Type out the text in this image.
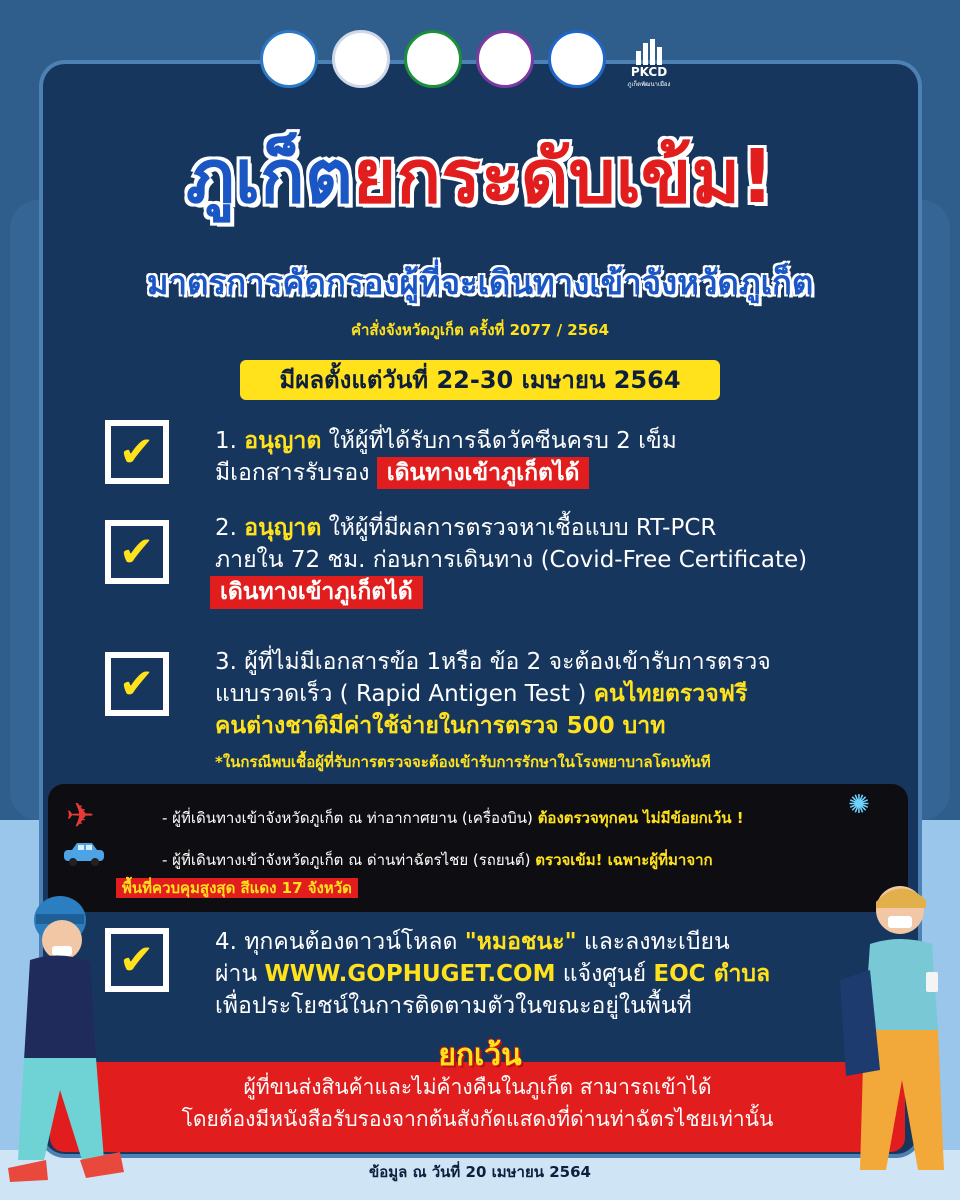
PKCD
ภูเก็ตพัฒนาเมือง
ภูเก็ตยกระดับเข้ม!
มาตรการคัดกรองผู้ที่จะเดินทางเข้าจังหวัดภูเก็ต
คำสั่งจังหวัดภูเก็ต ครั้งที่ 2077 / 2564
มีผลตั้งแต่วันที่ 22-30 เมษายน 2564
✔	1. อนุญาต ให้ผู้ที่ได้รับการฉีดวัคซีนครบ 2 เข็ม
มีเอกสารรับรอง เดินทางเข้าภูเก็ตได้
✔	2. อนุญาต ให้ผู้ที่มีผลการตรวจหาเชื้อแบบ RT-PCR
ภายใน 72 ชม. ก่อนการเดินทาง (Covid-Free Certificate)
เดินทางเข้าภูเก็ตได้
✔	3. ผู้ที่ไม่มีเอกสารข้อ 1หรือ ข้อ 2 จะต้องเข้ารับการตรวจ
แบบรวดเร็ว ( Rapid Antigen Test ) คนไทยตรวจฟรี
คนต่างชาติมีค่าใช้จ่ายในการตรวจ 500 บาท
*ในกรณีพบเชื้อผู้ที่รับการตรวจจะต้องเข้ารับการรักษาในโรงพยาบาลโดนทันที
✈	✺
- ผู้ที่เดินทางเข้าจังหวัดภูเก็ต ณ ท่าอากาศยาน (เครื่องบิน) ต้องตรวจทุกคน ไม่มีข้อยกเว้น !
- ผู้ที่เดินทางเข้าจังหวัดภูเก็ต ณ ด่านท่าฉัตรไชย (รถยนต์) ตรวจเข้ม! เฉพาะผู้ที่มาจาก
พื้นที่ควบคุมสูงสุด สีแดง 17 จังหวัด
✔	4. ทุกคนต้องดาวน์โหลด "หมอชนะ" และลงทะเบียน
ผ่าน WWW.GOPHUGET.COM แจ้งศูนย์ EOC ตำบล
เพื่อประโยชน์ในการติดตามตัวในขณะอยู่ในพื้นที่
ผู้ที่ขนส่งสินค้าและไม่ค้างคืนในภูเก็ต สามารถเข้าได้
โดยต้องมีหนังสือรับรองจากต้นสังกัดแสดงที่ด่านท่าฉัตรไชยเท่านั้น
ยกเว้น
ข้อมูล ณ วันที่ 20 เมษายน 2564
